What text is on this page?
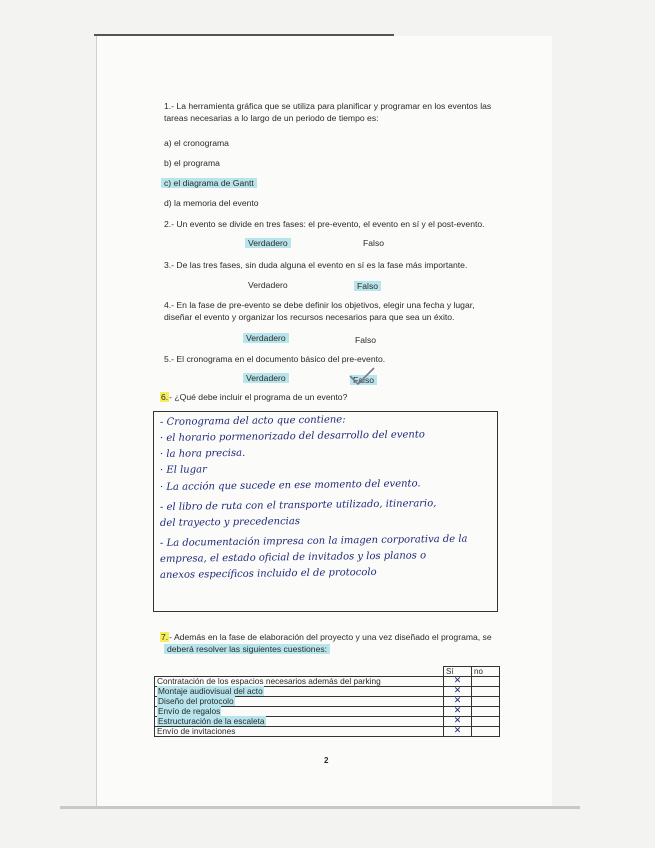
1.- La herramienta gráfica que se utiliza para planificar y programar en los eventos las
tareas necesarias a lo largo de un periodo de tiempo es:
a) el cronograma
b) el programa
c) el diagrama de Gantt
d) la memoria del evento
2.- Un evento se divide en tres fases: el pre-evento, el evento en sí y el post-evento.
Verdadero	Falso
3.- De las tres fases, sin duda alguna el evento en sí es la fase más importante.
Verdadero	Falso
4.- En la fase de pre-evento se debe definir los objetivos, elegir una fecha y lugar,
diseñar el evento y organizar los recursos necesarios para que sea un éxito.
Verdadero	Falso
5.- El cronograma en el documento básico del pre-evento.
Verdadero	Falso
6.- ¿Qué debe incluir el programa de un evento?
- Cronograma del acto que contiene:
· el horario pormenorizado del desarrollo del evento
· la hora precisa.
· El lugar
· La acción que sucede en ese momento del evento.
- el libro de ruta con el transporte utilizado, itinerario,
del trayecto y precedencias
- La documentación impresa con la imagen corporativa de la
empresa, el estado oficial de invitados y los planos o
anexos específicos incluido el de protocolo
7.- Además en la fase de elaboración del proyecto y una vez diseñado el programa, se
deberá resolver las siguientes cuestiones:
	Sí	no
Contratación de los espacios necesarios además del parking	✕	
Montaje audiovisual del acto	✕	
Diseño del protocolo	✕	
Envío de regalos	✕	
Estructuración de la escaleta	✕	
Envío de invitaciones	✕	
2
